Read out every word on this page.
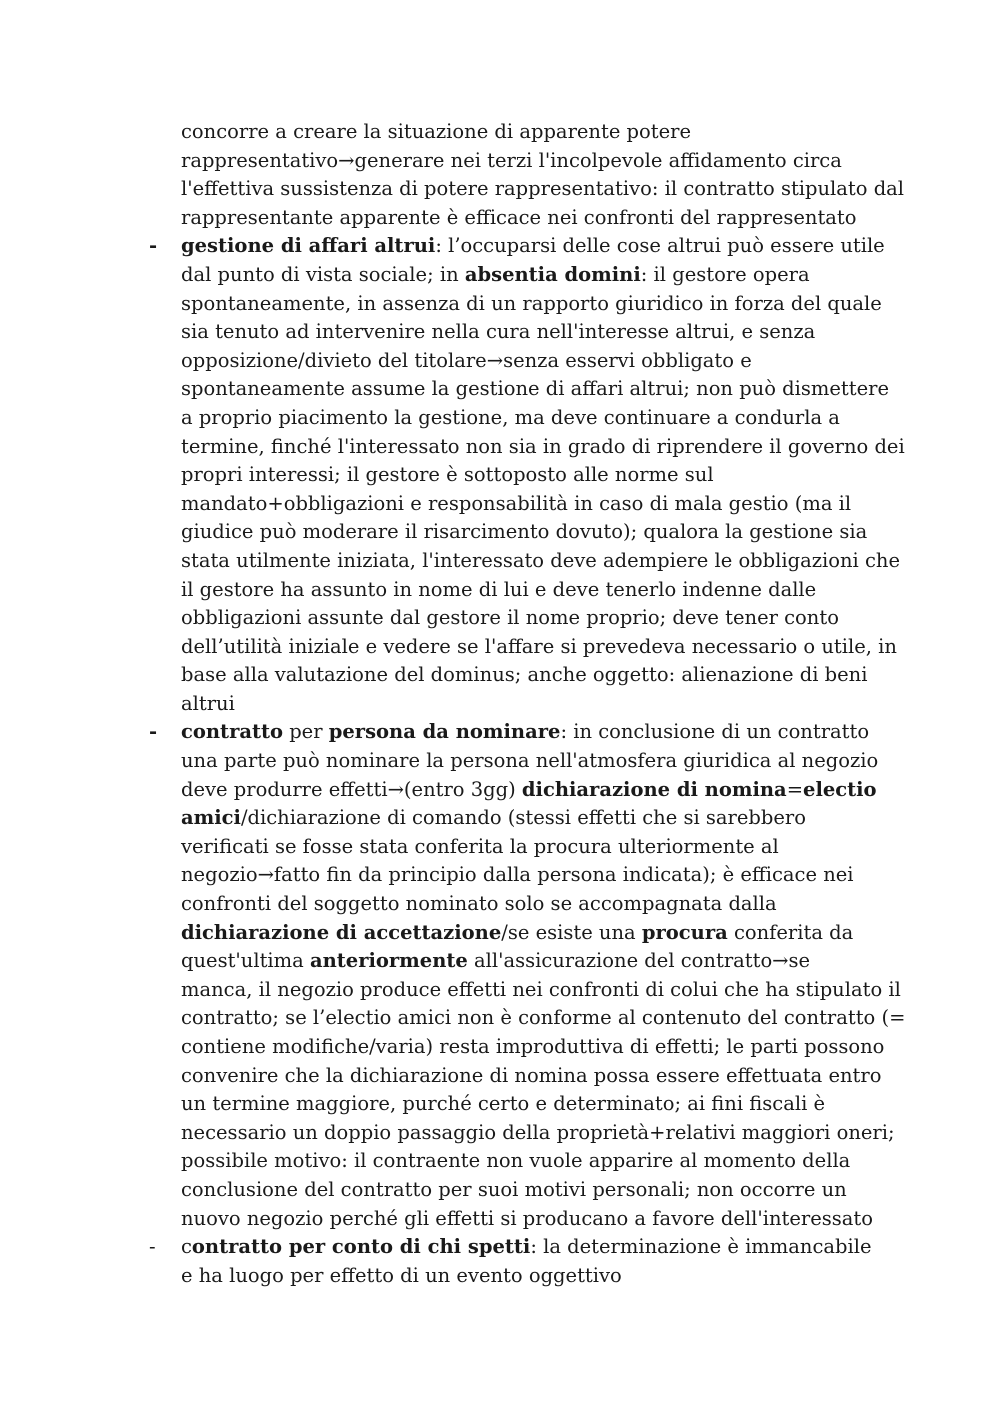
concorre a creare la situazione di apparente potere
rappresentativo→generare nei terzi l'incolpevole affidamento circa
l'effettiva sussistenza di potere rappresentativo: il contratto stipulato dal
rappresentante apparente è efficace nei confronti del rappresentato
- gestione di affari altrui: l’occuparsi delle cose altrui può essere utile
dal punto di vista sociale; in absentia domini: il gestore opera
spontaneamente, in assenza di un rapporto giuridico in forza del quale
sia tenuto ad intervenire nella cura nell'interesse altrui, e senza
opposizione/divieto del titolare→senza esservi obbligato e
spontaneamente assume la gestione di affari altrui; non può dismettere
a proprio piacimento la gestione, ma deve continuare a condurla a
termine, finché l'interessato non sia in grado di riprendere il governo dei
propri interessi; il gestore è sottoposto alle norme sul
mandato+obbligazioni e responsabilità in caso di mala gestio (ma il
giudice può moderare il risarcimento dovuto); qualora la gestione sia
stata utilmente iniziata, l'interessato deve adempiere le obbligazioni che
il gestore ha assunto in nome di lui e deve tenerlo indenne dalle
obbligazioni assunte dal gestore il nome proprio; deve tener conto
dell’utilità iniziale e vedere se l'affare si prevedeva necessario o utile, in
base alla valutazione del dominus; anche oggetto: alienazione di beni
altrui
- contratto per persona da nominare: in conclusione di un contratto
una parte può nominare la persona nell'atmosfera giuridica al negozio
deve produrre effetti→(entro 3gg) dichiarazione di nomina=electio
amici/dichiarazione di comando (stessi effetti che si sarebbero
verificati se fosse stata conferita la procura ulteriormente al
negozio→fatto fin da principio dalla persona indicata); è efficace nei
confronti del soggetto nominato solo se accompagnata dalla
dichiarazione di accettazione/se esiste una procura conferita da
quest'ultima anteriormente all'assicurazione del contratto→se
manca, il negozio produce effetti nei confronti di colui che ha stipulato il
contratto; se l’electio amici non è conforme al contenuto del contratto (=
contiene modifiche/varia) resta improduttiva di effetti; le parti possono
convenire che la dichiarazione di nomina possa essere effettuata entro
un termine maggiore, purché certo e determinato; ai fini fiscali è
necessario un doppio passaggio della proprietà+relativi maggiori oneri;
possibile motivo: il contraente non vuole apparire al momento della
conclusione del contratto per suoi motivi personali; non occorre un
nuovo negozio perché gli effetti si producano a favore dell'interessato
- contratto per conto di chi spetti: la determinazione è immancabile
e ha luogo per effetto di un evento oggettivo
